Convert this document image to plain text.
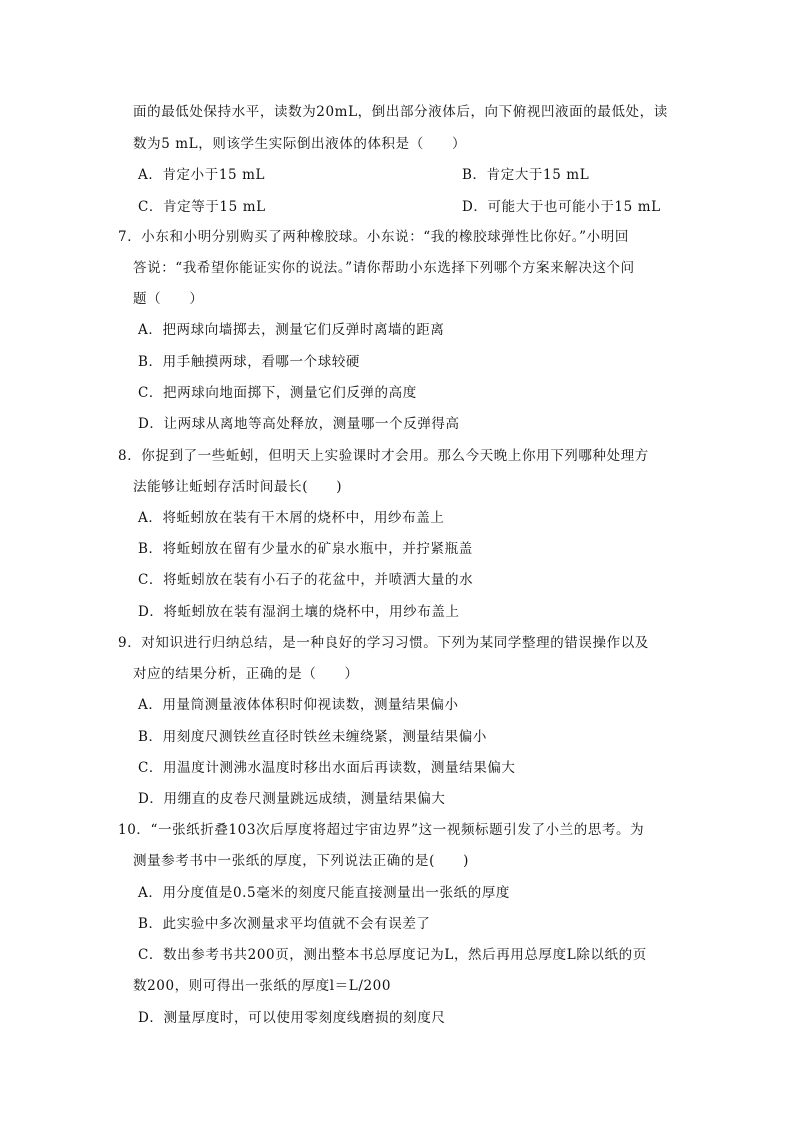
面的最低处保持水平，读数为20mL，倒出部分液体后，向下俯视凹液面的最低处，读
数为5 mL，则该学生实际倒出液体的体积是（　　）
A．肯定小于15 mL	B．肯定大于15 mL
C．肯定等于15 mL	D．可能大于也可能小于15 mL
7．小东和小明分别购买了两种橡胶球。小东说：“我的橡胶球弹性比你好。”小明回
答说：“我希望你能证实你的说法。”请你帮助小东选择下列哪个方案来解决这个问
题（　　）
A．把两球向墙掷去，测量它们反弹时离墙的距离
B．用手触摸两球，看哪一个球较硬
C．把两球向地面掷下，测量它们反弹的高度
D．让两球从离地等高处释放，测量哪一个反弹得高
8．你捉到了一些蚯蚓，但明天上实验课时才会用。那么今天晚上你用下列哪种处理方
法能够让蚯蚓存活时间最长(　　)
A．将蚯蚓放在装有干木屑的烧杯中，用纱布盖上
B．将蚯蚓放在留有少量水的矿泉水瓶中，并拧紧瓶盖
C．将蚯蚓放在装有小石子的花盆中，并喷洒大量的水
D．将蚯蚓放在装有湿润土壤的烧杯中，用纱布盖上
9．对知识进行归纳总结，是一种良好的学习习惯。下列为某同学整理的错误操作以及
对应的结果分析，正确的是（　　）
A．用量筒测量液体体积时仰视读数，测量结果偏小
B．用刻度尺测铁丝直径时铁丝未缠绕紧，测量结果偏小
C．用温度计测沸水温度时移出水面后再读数，测量结果偏大
D．用绷直的皮卷尺测量跳远成绩，测量结果偏大
10．“一张纸折叠103次后厚度将超过宇宙边界”这一视频标题引发了小兰的思考。为
测量参考书中一张纸的厚度，下列说法正确的是(　　)
A．用分度值是0.5毫米的刻度尺能直接测量出一张纸的厚度
B．此实验中多次测量求平均值就不会有误差了
C．数出参考书共200页，测出整本书总厚度记为L，然后再用总厚度L除以纸的页
数200，则可得出一张纸的厚度l＝L/200
D．测量厚度时，可以使用零刻度线磨损的刻度尺
